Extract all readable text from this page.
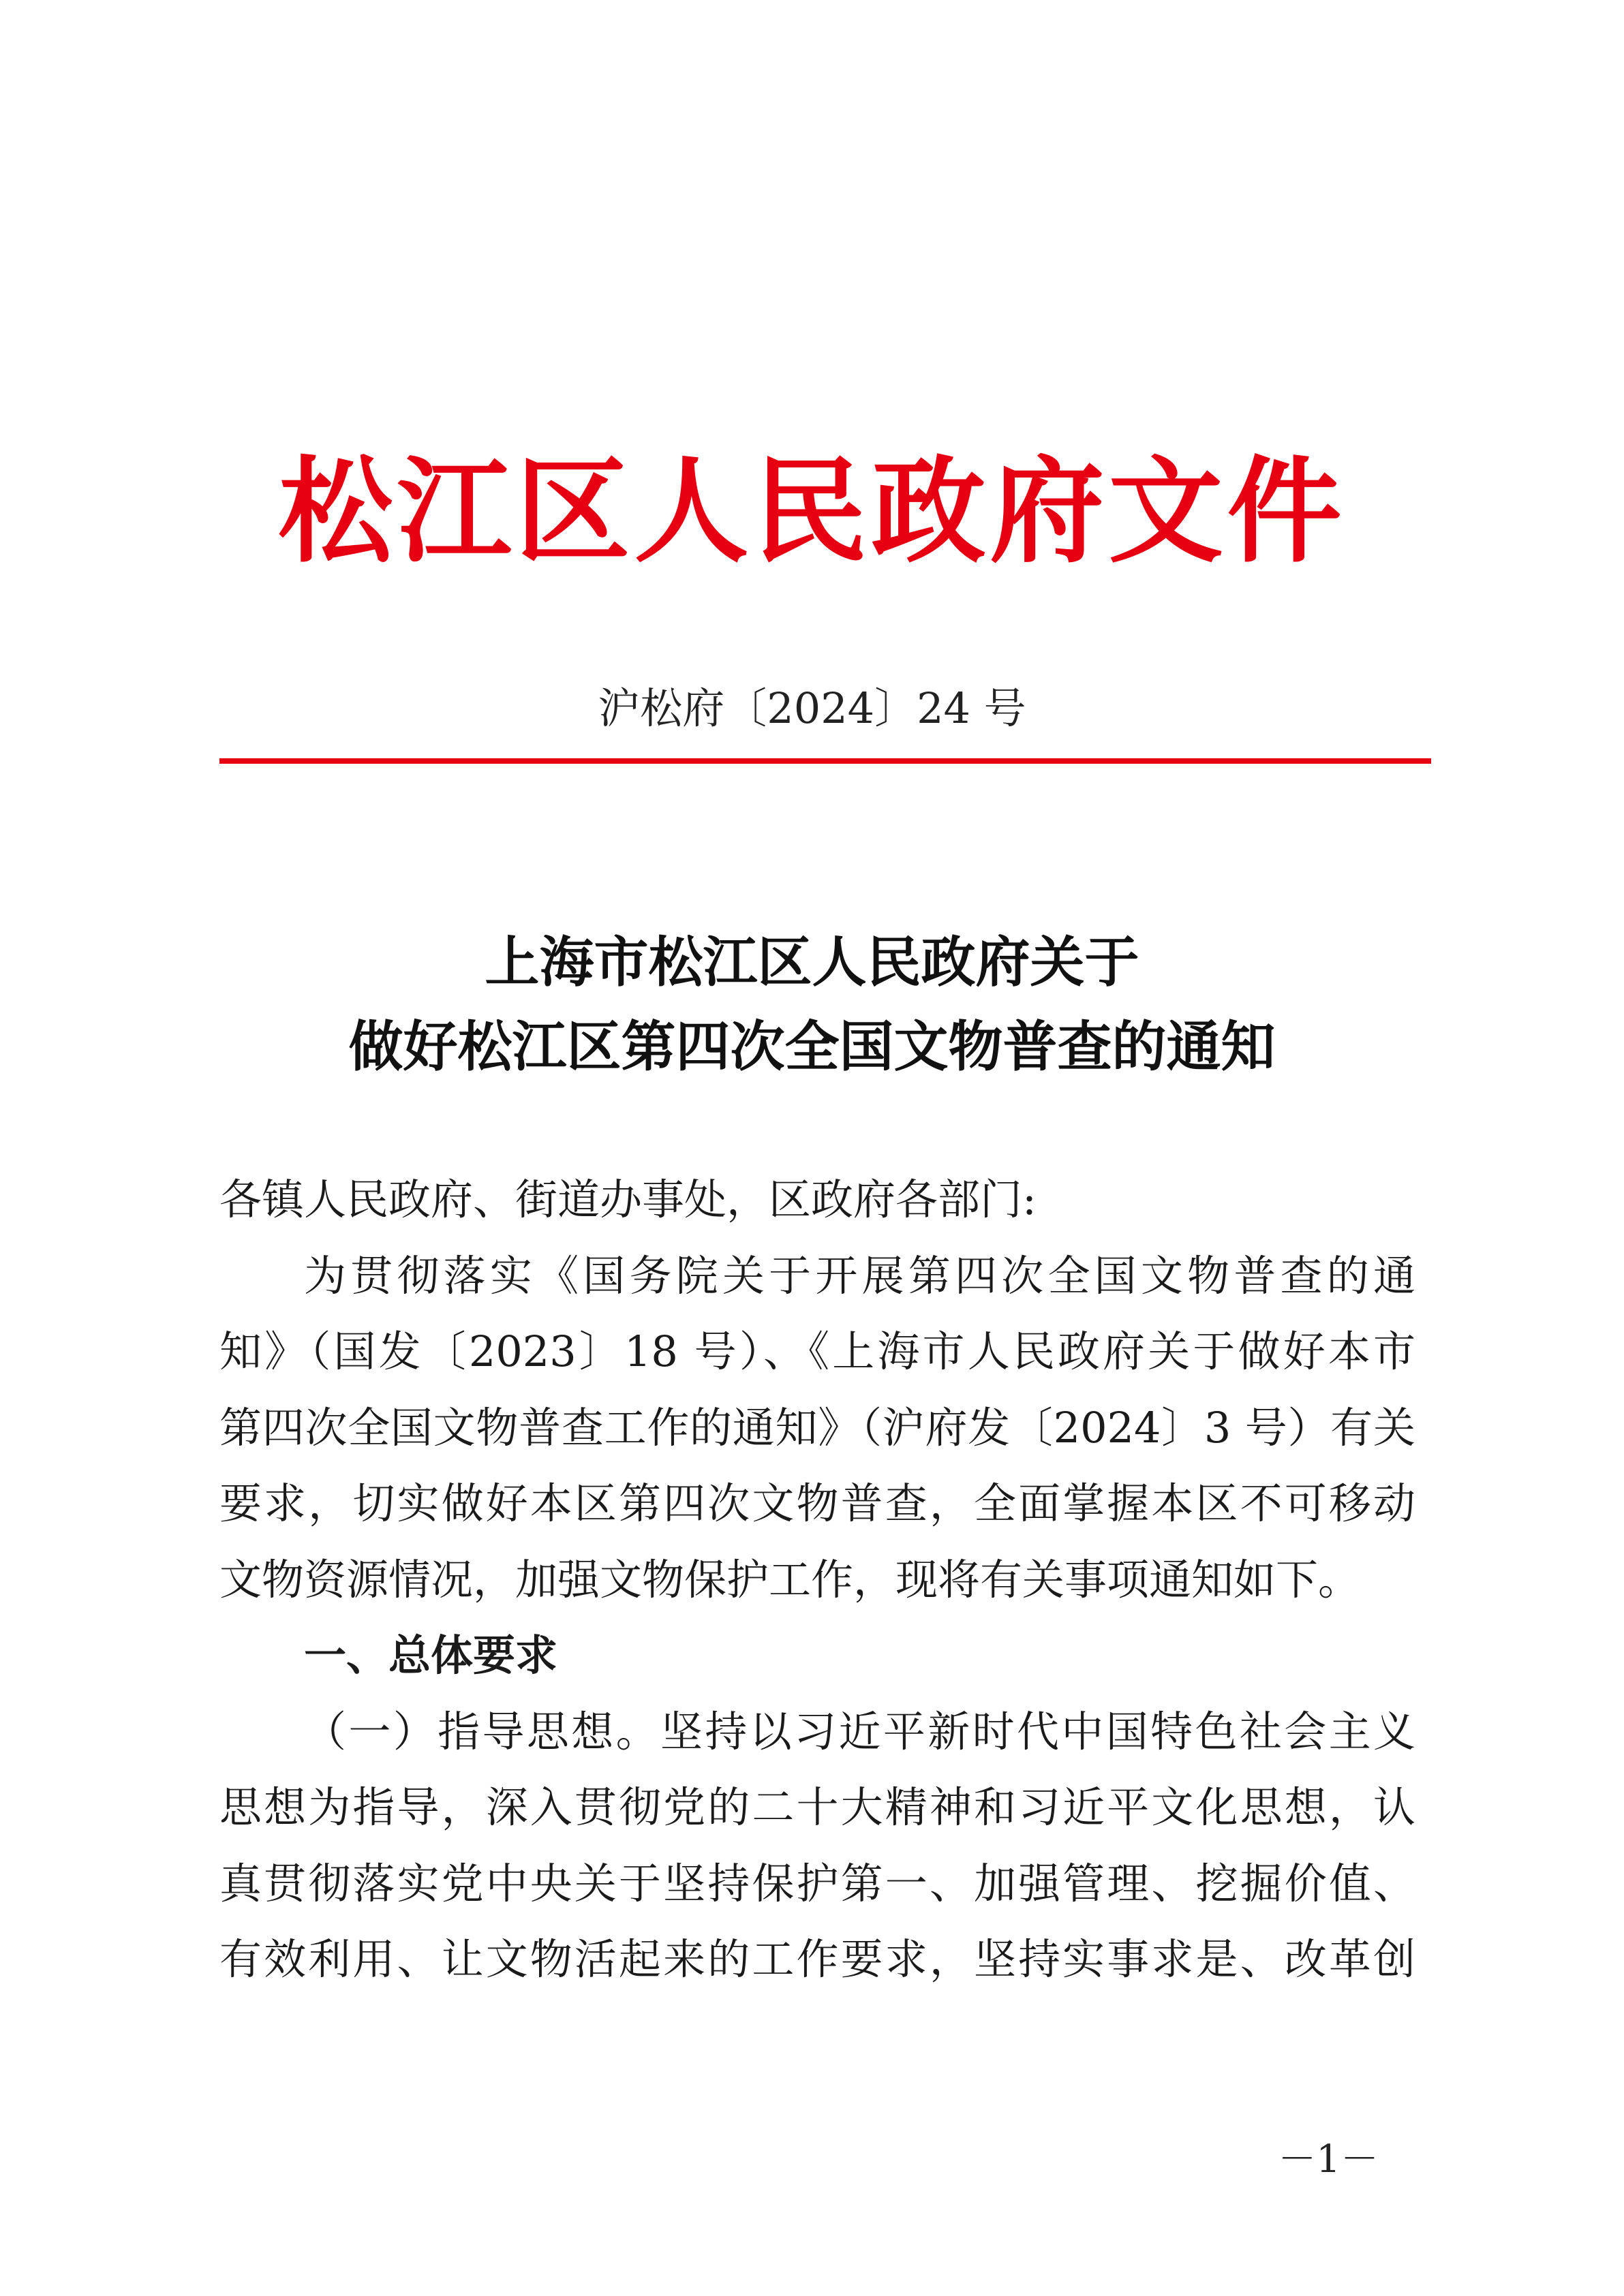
松江区人民政府文件
沪松府〔2024〕24 号
上海市松江区人民政府关于
做好松江区第四次全国文物普查的通知
各镇人民政府、街道办事处，区政府各部门:
为贯彻落实《国务院关于开展第四次全国文物普查的通
知》（国发〔2023〕18 号）、《上海市人民政府关于做好本市
第四次全国文物普查工作的通知》（沪府发〔2024〕3 号）有关
要求，切实做好本区第四次文物普查，全面掌握本区不可移动
文物资源情况，加强文物保护工作，现将有关事项通知如下。
一、总体要求
（一）指导思想。坚持以习近平新时代中国特色社会主义
思想为指导，深入贯彻党的二十大精神和习近平文化思想，认
真贯彻落实党中央关于坚持保护第一、加强管理、挖掘价值、
有效利用、让文物活起来的工作要求，坚持实事求是、改革创
－1－
